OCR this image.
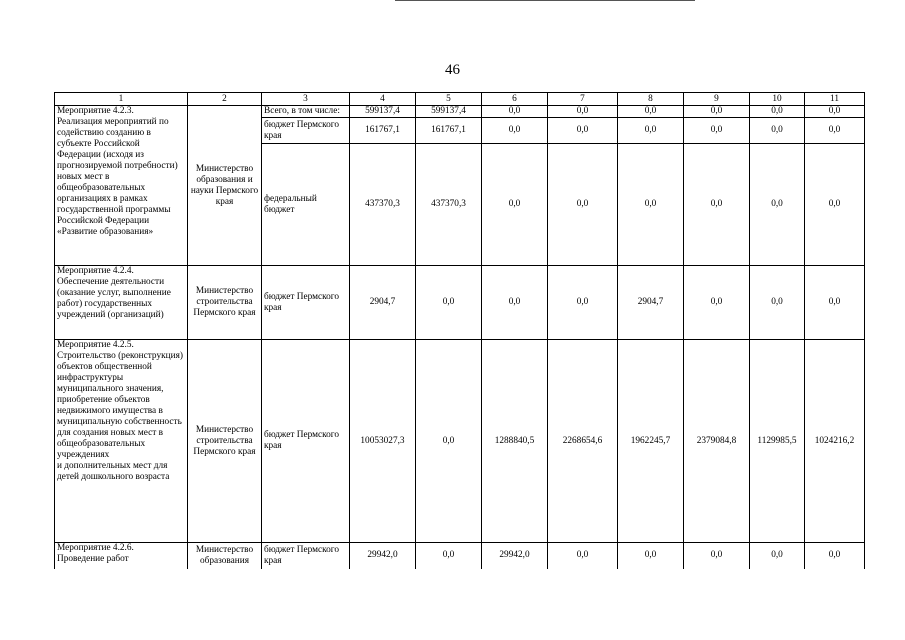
46
1	2	3	4	5	6	7	8	9	10	11
Мероприятие 4.2.3.
Реализация мероприятий по содействию созданию в субъекте Российской Федерации (исходя из прогнозируемой потребности) новых мест в общеобразовательных организациях в рамках государственной программы Российской Федерации «Развитие образования»	Министерство образования и науки Пермского края	Всего, в том числе:	599137,4	599137,4	0,0	0,0	0,0	0,0	0,0	0,0
		бюджет Пермского края	161767,1	161767,1	0,0	0,0	0,0	0,0	0,0	0,0
		федеральный бюджет	437370,3	437370,3	0,0	0,0	0,0	0,0	0,0	0,0
Мероприятие 4.2.4.
Обеспечение деятельности (оказание услуг, выполнение работ) государственных учреждений (организаций)	Министерство строительства Пермского края	бюджет Пермского края	2904,7	0,0	0,0	0,0	2904,7	0,0	0,0	0,0
Мероприятие 4.2.5.
Строительство (реконструкция) объектов общественной инфраструктуры муниципального значения, приобретение объектов недвижимого имущества в муниципальную собственность
для создания новых мест в общеобразовательных учреждениях
и дополнительных мест для детей дошкольного возраста	Министерство строительства Пермского края	бюджет Пермского края	10053027,3	0,0	1288840,5	2268654,6	1962245,7	2379084,8	1129985,5	1024216,2
Мероприятие 4.2.6.
Проведение работ	Министерство образования	бюджет Пермского края	29942,0	0,0	29942,0	0,0	0,0	0,0	0,0	0,0
